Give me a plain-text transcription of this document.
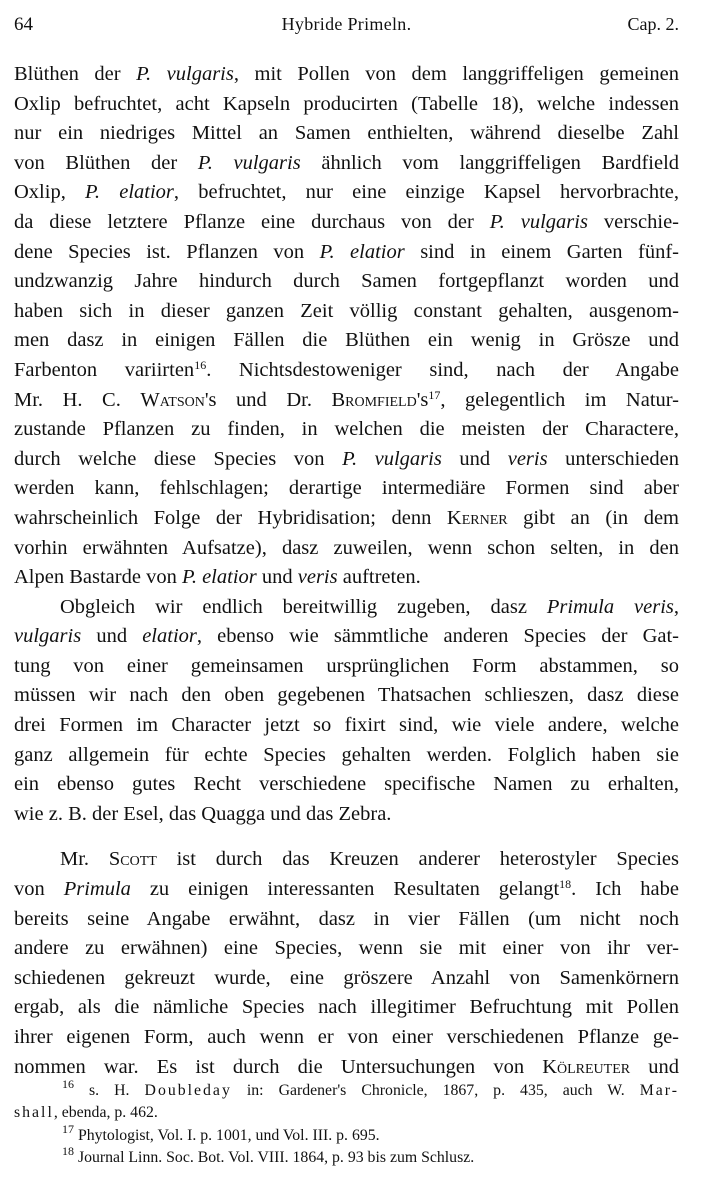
64	Hybride Primeln.	Cap. 2.
Blüthen der P. vulgaris, mit Pollen von dem langgriffeligen gemeinen
Oxlip befruchtet, acht Kapseln producirten (Tabelle 18), welche indessen
nur ein niedriges Mittel an Samen enthielten, während dieselbe Zahl
von Blüthen der P. vulgaris ähnlich vom langgriffeligen Bardfield
Oxlip, P. elatior, befruchtet, nur eine einzige Kapsel hervorbrachte,
da diese letztere Pflanze eine durchaus von der P. vulgaris verschie-
dene Species ist. Pflanzen von P. elatior sind in einem Garten fünf-
undzwanzig Jahre hindurch durch Samen fortgepflanzt worden und
haben sich in dieser ganzen Zeit völlig constant gehalten, ausgenom-
men dasz in einigen Fällen die Blüthen ein wenig in Grösze und
Farbenton variirten$^{16}$. Nichtsdestoweniger sind, nach der Angabe
Mr. H. C. Watson's und Dr. $Bromfield's^{17}$, gelegentlich im Natur-
zustande Pflanzen zu finden, in welchen die meisten der Charactere,
durch welche diese Species von P. vulgaris und veris unterschieden
werden kann, fehlschlagen; derartige intermediäre Formen sind aber
wahrscheinlich Folge der Hybridisation; denn Kerner gibt an (in dem
vorhin erwähnten Aufsatze), dasz zuweilen, wenn schon selten, in den
Alpen Bastarde von P. elatior und veris auftreten.
Obgleich wir endlich bereitwillig zugeben, dasz Primula veris,
vulgaris und elatior, ebenso wie sämmtliche anderen Species der Gat-
tung von einer gemeinsamen ursprünglichen Form abstammen, so
müssen wir nach den oben gegebenen Thatsachen schlieszen, dasz diese
drei Formen im Character jetzt so fixirt sind, wie viele andere, welche
ganz allgemein für echte Species gehalten werden. Folglich haben sie
ein ebenso gutes Recht verschiedene specifische Namen zu erhalten,
wie z. B. der Esel, das Quagga und das Zebra.
Mr. Scott ist durch das Kreuzen anderer heterostyler Species
von Primula zu einigen interessanten Resultaten gelangt$^{18}$. Ich habe
bereits seine Angabe erwähnt, dasz in vier Fällen (um nicht noch
andere zu erwähnen) eine Species, wenn sie mit einer von ihr ver-
schiedenen gekreuzt wurde, eine gröszere Anzahl von Samenkörnern
ergab, als die nämliche Species nach illegitimer Befruchtung mit Pollen
ihrer eigenen Form, auch wenn er von einer verschiedenen Pflanze ge-
nommen war. Es ist durch die Untersuchungen von Kölreuter und
$^{16}$ s. H. Doubleday in: Gardener's Chronicle, 1867, p. 435, auch W. Mar-
shall, ebenda, p. 462.
$^{17}$ Phytologist, Vol. I. p. 1001, und Vol. III. p. 695.
$^{18}$ Journal Linn. Soc. Bot. Vol. VIII. 1864, p. 93 bis zum Schlusz.
